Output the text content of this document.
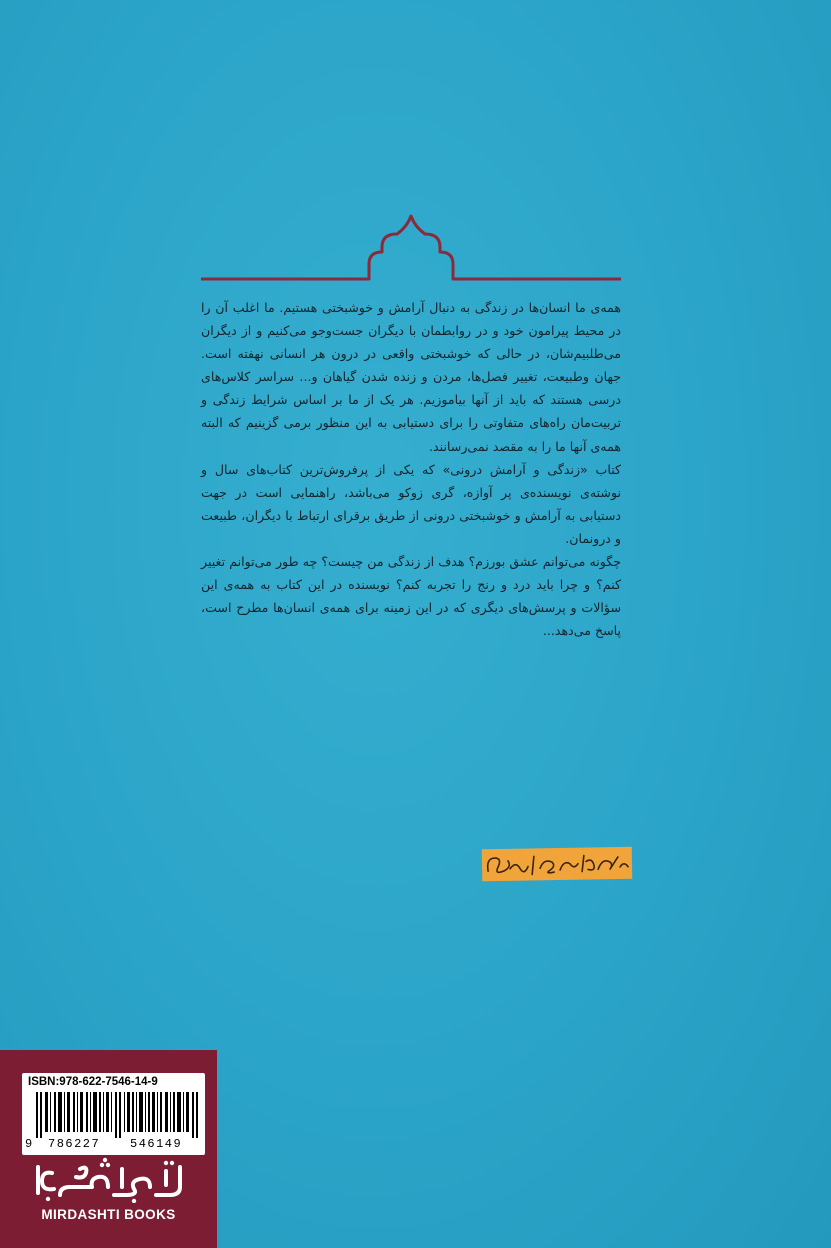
همه‌ی ما انسان‌ها در زندگی به دنبال آرامش و خوشبختی هستیم. ما اغلب آن را در محیط پیرامون خود و در روابطمان با دیگران جست‌وجو می‌کنیم و از دیگران می‌طلبیم‌شان، در حالی که خوشبختی واقعی در درون هر انسانی نهفته است. جهان وطبیعت، تغییر فصل‌ها، مردن و زنده شدن گیاهان و... سراسر کلاس‌های درسی هستند که باید از آنها بیاموزیم. هر یک از ما بر اساس شرایط زندگی و تربیت‌مان راه‌های متفاوتی را برای دستیابی به این منظور برمی گزینیم که البته همه‌ی آنها ما را به مقصد نمی‌رسانند.

کتاب «زندگی و آرامش درونی» که یکی از پرفروش‌ترین کتاب‌های سال و نوشته‌ی نویسنده‌ی پر آوازه، گری زوکو می‌باشد، راهنمایی است در جهت دستیابی به آرامش و خوشبختی درونی از طریق برقرای ارتباط با دیگران، طبیعت و درونمان.

چگونه می‌توانم عشق بورزم؟ هدف از زندگی من چیست؟ چه طور می‌توانم تغییر کنم؟ و چرا باید درد و رنج را تجربه کنم؟ نویسنده در این کتاب به همه‌ی این سؤالات و پرسش‌های دیگری که در این زمینه برای همه‌ی انسان‌ها مطرح است، پاسخ می‌دهد...

ISBN:978-622-7546-14-9
9 786227 546149
MIRDASHTI BOOKS
